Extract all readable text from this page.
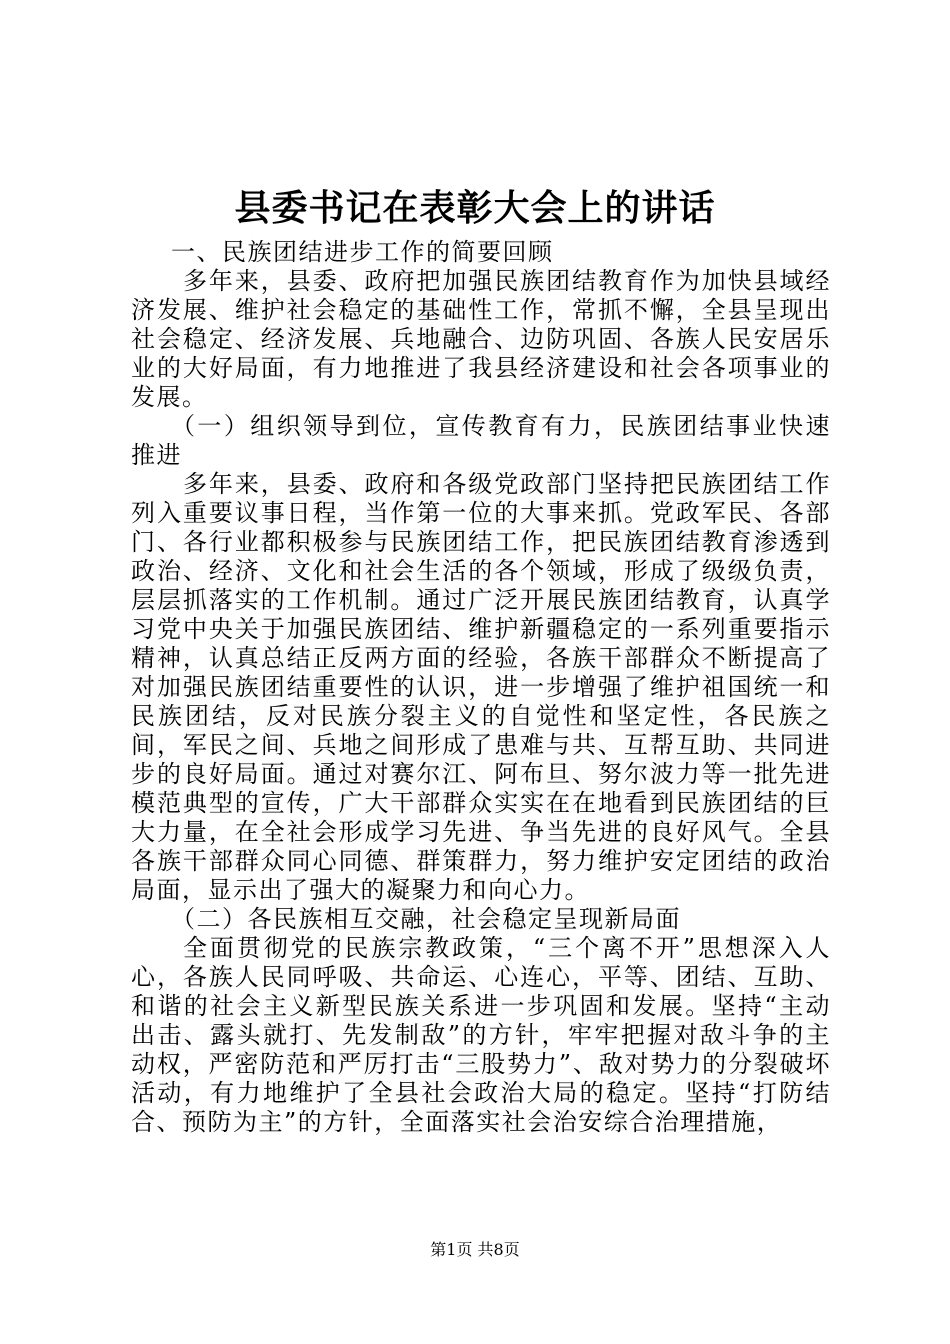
县委书记在表彰大会上的讲话

一、民族团结进步工作的简要回顾

多年来，县委、政府把加强民族团结教育作为加快县域经济发展、维护社会稳定的基础性工作，常抓不懈，全县呈现出社会稳定、经济发展、兵地融合、边防巩固、各族人民安居乐业的大好局面，有力地推进了我县经济建设和社会各项事业的发展。

（一）组织领导到位，宣传教育有力，民族团结事业快速推进

多年来，县委、政府和各级党政部门坚持把民族团结工作列入重要议事日程，当作第一位的大事来抓。党政军民、各部门、各行业都积极参与民族团结工作，把民族团结教育渗透到政治、经济、文化和社会生活的各个领域，形成了级级负责，层层抓落实的工作机制。通过广泛开展民族团结教育，认真学习党中央关于加强民族团结、维护新疆稳定的一系列重要指示精神，认真总结正反两方面的经验，各族干部群众不断提高了对加强民族团结重要性的认识，进一步增强了维护祖国统一和民族团结，反对民族分裂主义的自觉性和坚定性，各民族之间，军民之间、兵地之间形成了患难与共、互帮互助、共同进步的良好局面。通过对赛尔江、阿布旦、努尔波力等一批先进模范典型的宣传，广大干部群众实实在在地看到民族团结的巨大力量，在全社会形成学习先进、争当先进的良好风气。全县各族干部群众同心同德、群策群力，努力维护安定团结的政治局面，显示出了强大的凝聚力和向心力。

（二）各民族相互交融，社会稳定呈现新局面

全面贯彻党的民族宗教政策，“三个离不开”思想深入人心，各族人民同呼吸、共命运、心连心，平等、团结、互助、和谐的社会主义新型民族关系进一步巩固和发展。坚持“主动出击、露头就打、先发制敌”的方针，牢牢把握对敌斗争的主动权，严密防范和严厉打击“三股势力”、敌对势力的分裂破坏活动，有力地维护了全县社会政治大局的稳定。坚持“打防结合、预防为主”的方针，全面落实社会治安综合治理措施，

第1页 共8页
